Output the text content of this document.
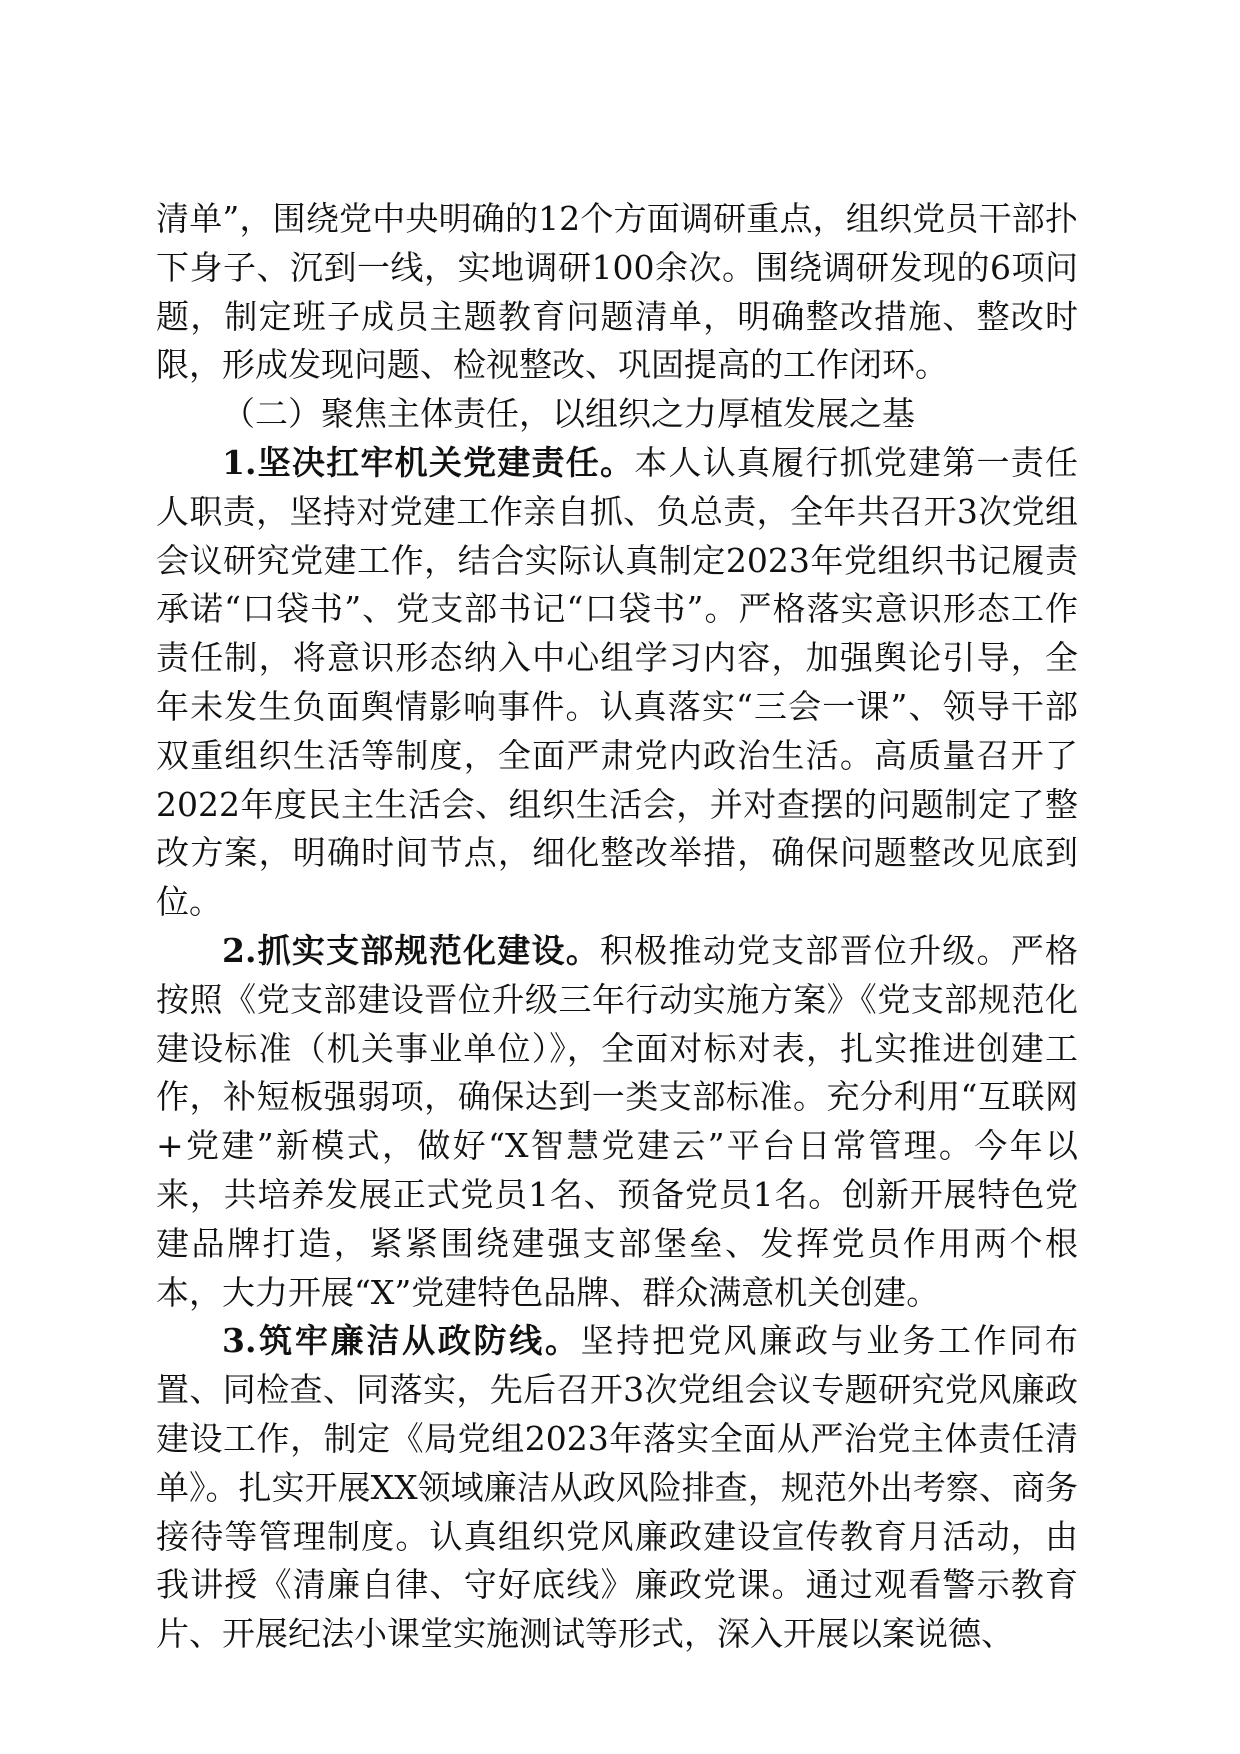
清单”，围绕党中央明确的12个方面调研重点，组织党员干部扑下身子、沉到一线，实地调研100余次。围绕调研发现的6项问题，制定班子成员主题教育问题清单，明确整改措施、整改时限，形成发现问题、检视整改、巩固提高的工作闭环。

（二）聚焦主体责任，以组织之力厚植发展之基

1.坚决扛牢机关党建责任。本人认真履行抓党建第一责任人职责，坚持对党建工作亲自抓、负总责，全年共召开3次党组会议研究党建工作，结合实际认真制定2023年党组织书记履责承诺“口袋书”、党支部书记“口袋书”。严格落实意识形态工作责任制，将意识形态纳入中心组学习内容，加强舆论引导，全年未发生负面舆情影响事件。认真落实“三会一课”、领导干部双重组织生活等制度，全面严肃党内政治生活。高质量召开了2022年度民主生活会、组织生活会，并对查摆的问题制定了整改方案，明确时间节点，细化整改举措，确保问题整改见底到位。

2.抓实支部规范化建设。积极推动党支部晋位升级。严格按照《党支部建设晋位升级三年行动实施方案》《党支部规范化建设标准（机关事业单位）》，全面对标对表，扎实推进创建工作，补短板强弱项，确保达到一类支部标准。充分利用“互联网+党建”新模式，做好“X智慧党建云”平台日常管理。今年以来，共培养发展正式党员1名、预备党员1名。创新开展特色党建品牌打造，紧紧围绕建强支部堡垒、发挥党员作用两个根本，大力开展“X”党建特色品牌、群众满意机关创建。

3.筑牢廉洁从政防线。坚持把党风廉政与业务工作同布置、同检查、同落实，先后召开3次党组会议专题研究党风廉政建设工作，制定《局党组2023年落实全面从严治党主体责任清单》。扎实开展XX领域廉洁从政风险排查，规范外出考察、商务接待等管理制度。认真组织党风廉政建设宣传教育月活动，由我讲授《清廉自律、守好底线》廉政党课。通过观看警示教育片、开展纪法小课堂实施测试等形式，深入开展以案说德、
